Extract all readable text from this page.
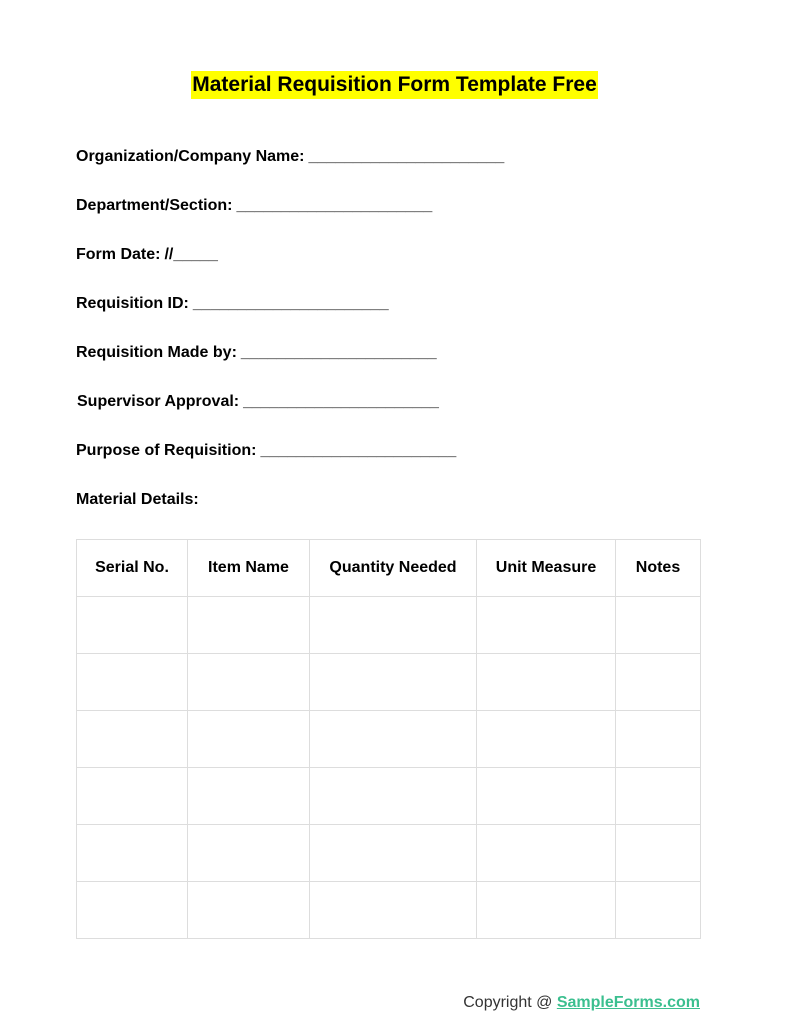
Material Requisition Form Template Free
Organization/Company Name: ______________________
Department/Section: ______________________
Form Date: //_____
Requisition ID: ______________________
Requisition Made by: ______________________
Supervisor Approval: ______________________
Purpose of Requisition: ______________________
Material Details:
Serial No.	Item Name	Quantity Needed	Unit Measure	Notes

Copyright @ SampleForms.com
